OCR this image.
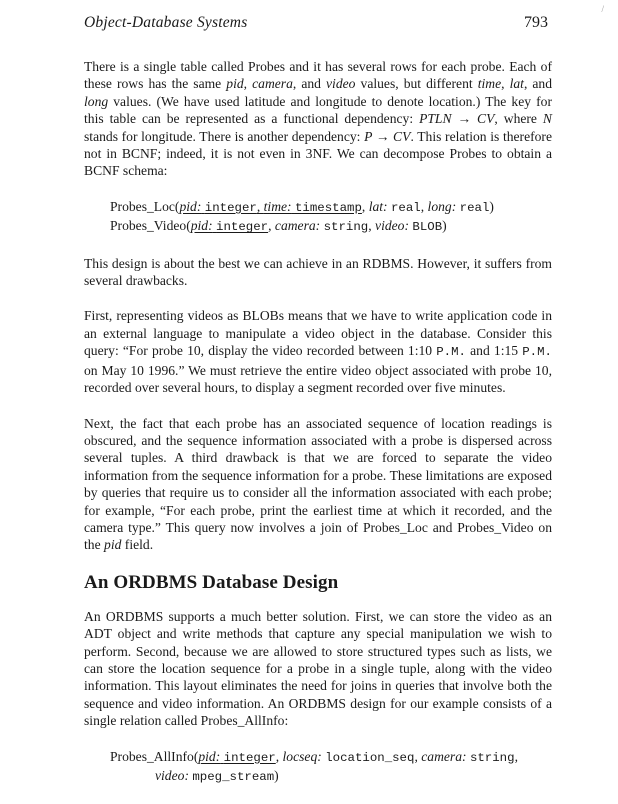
Object-Database Systems	793
/

There is a single table called Probes and it has several rows for each probe. Each of these rows has the same pid, camera, and video values, but different time, lat, and long values. (We have used latitude and longitude to denote location.) The key for this table can be represented as a functional dependency: PTLN → CV, where N stands for longitude. There is another dependency: P → CV. This relation is therefore not in BCNF; indeed, it is not even in 3NF. We can decompose Probes to obtain a BCNF schema:

Probes_Loc(pid: integer, time: timestamp, lat: real, long: real)
Probes_Video(pid: integer, camera: string, video: BLOB)

This design is about the best we can achieve in an RDBMS. However, it suffers from several drawbacks.

First, representing videos as BLOBs means that we have to write application code in an external language to manipulate a video object in the database. Consider this query: “For probe 10, display the video recorded between 1:10 P.M. and 1:15 P.M. on May 10 1996.” We must retrieve the entire video object associated with probe 10, recorded over several hours, to display a segment recorded over five minutes.

Next, the fact that each probe has an associated sequence of location readings is obscured, and the sequence information associated with a probe is dispersed across several tuples. A third drawback is that we are forced to separate the video information from the sequence information for a probe. These limitations are exposed by queries that require us to consider all the information associated with each probe; for example, “For each probe, print the earliest time at which it recorded, and the camera type.” This query now involves a join of Probes_Loc and Probes_Video on the pid field.

An ORDBMS Database Design

An ORDBMS supports a much better solution. First, we can store the video as an ADT object and write methods that capture any special manipulation we wish to perform. Second, because we are allowed to store structured types such as lists, we can store the location sequence for a probe in a single tuple, along with the video information. This layout eliminates the need for joins in queries that involve both the sequence and video information. An ORDBMS design for our example consists of a single relation called Probes_AllInfo:

Probes_AllInfo(pid: integer, locseq: location_seq, camera: string,
video: mpeg_stream)
